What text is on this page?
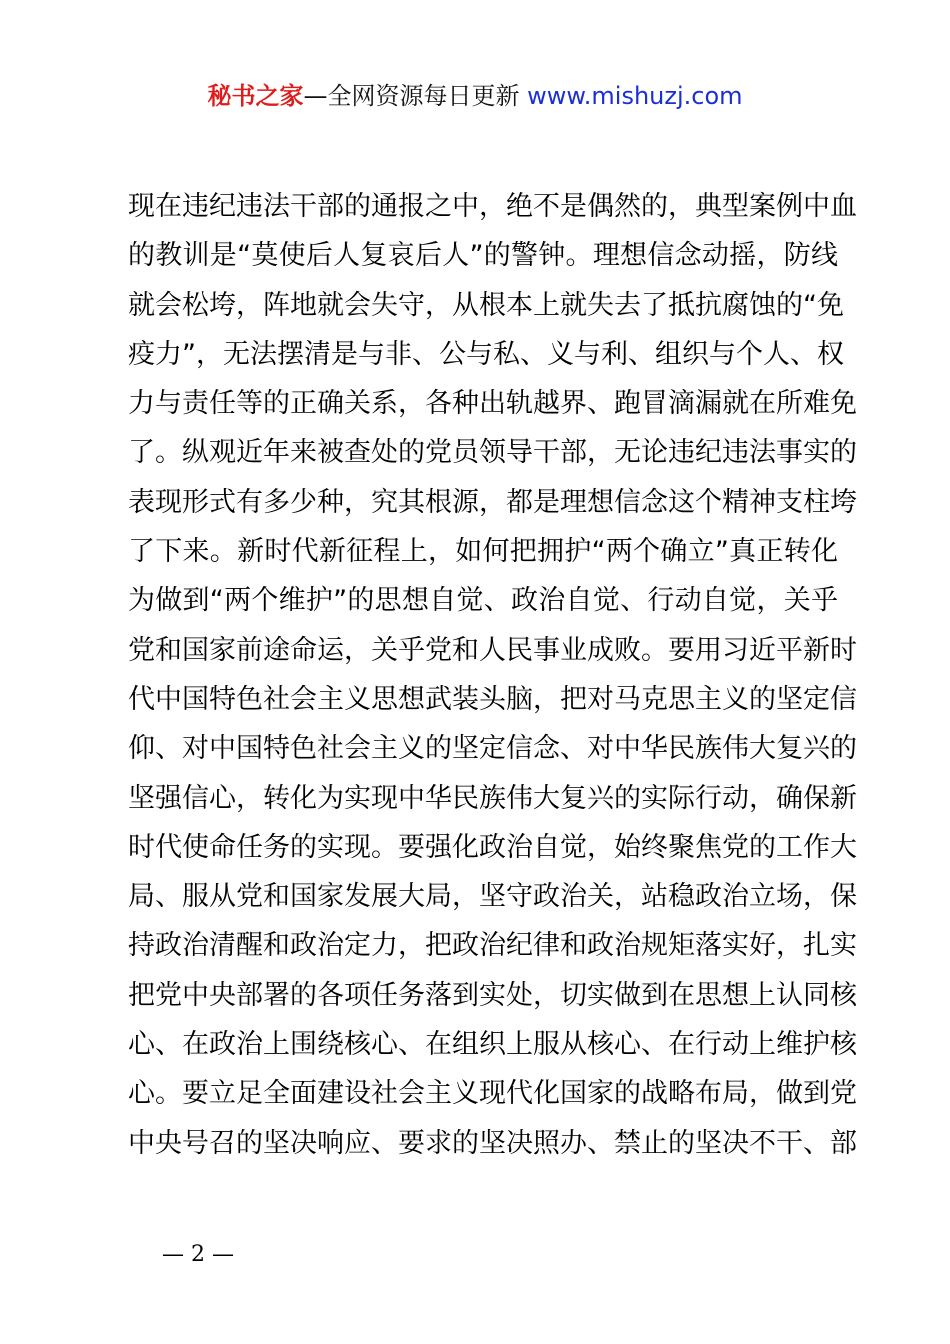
秘书之家—全网资源每日更新 www.mishuzj.com
现在违纪违法干部的通报之中，绝不是偶然的，典型案例中血
的教训是“莫使后人复哀后人”的警钟。理想信念动摇，防线
就会松垮，阵地就会失守，从根本上就失去了抵抗腐蚀的“免
疫力”，无法摆清是与非、公与私、义与利、组织与个人、权
力与责任等的正确关系，各种出轨越界、跑冒滴漏就在所难免
了。纵观近年来被查处的党员领导干部，无论违纪违法事实的
表现形式有多少种，究其根源，都是理想信念这个精神支柱垮
了下来。新时代新征程上，如何把拥护“两个确立”真正转化
为做到“两个维护”的思想自觉、政治自觉、行动自觉，关乎
党和国家前途命运，关乎党和人民事业成败。要用习近平新时
代中国特色社会主义思想武装头脑，把对马克思主义的坚定信
仰、对中国特色社会主义的坚定信念、对中华民族伟大复兴的
坚强信心，转化为实现中华民族伟大复兴的实际行动，确保新
时代使命任务的实现。要强化政治自觉，始终聚焦党的工作大
局、服从党和国家发展大局，坚守政治关，站稳政治立场，保
持政治清醒和政治定力，把政治纪律和政治规矩落实好，扎实
把党中央部署的各项任务落到实处，切实做到在思想上认同核
心、在政治上围绕核心、在组织上服从核心、在行动上维护核
心。要立足全面建设社会主义现代化国家的战略布局，做到党
中央号召的坚决响应、要求的坚决照办、禁止的坚决不干、部
— 2 —
